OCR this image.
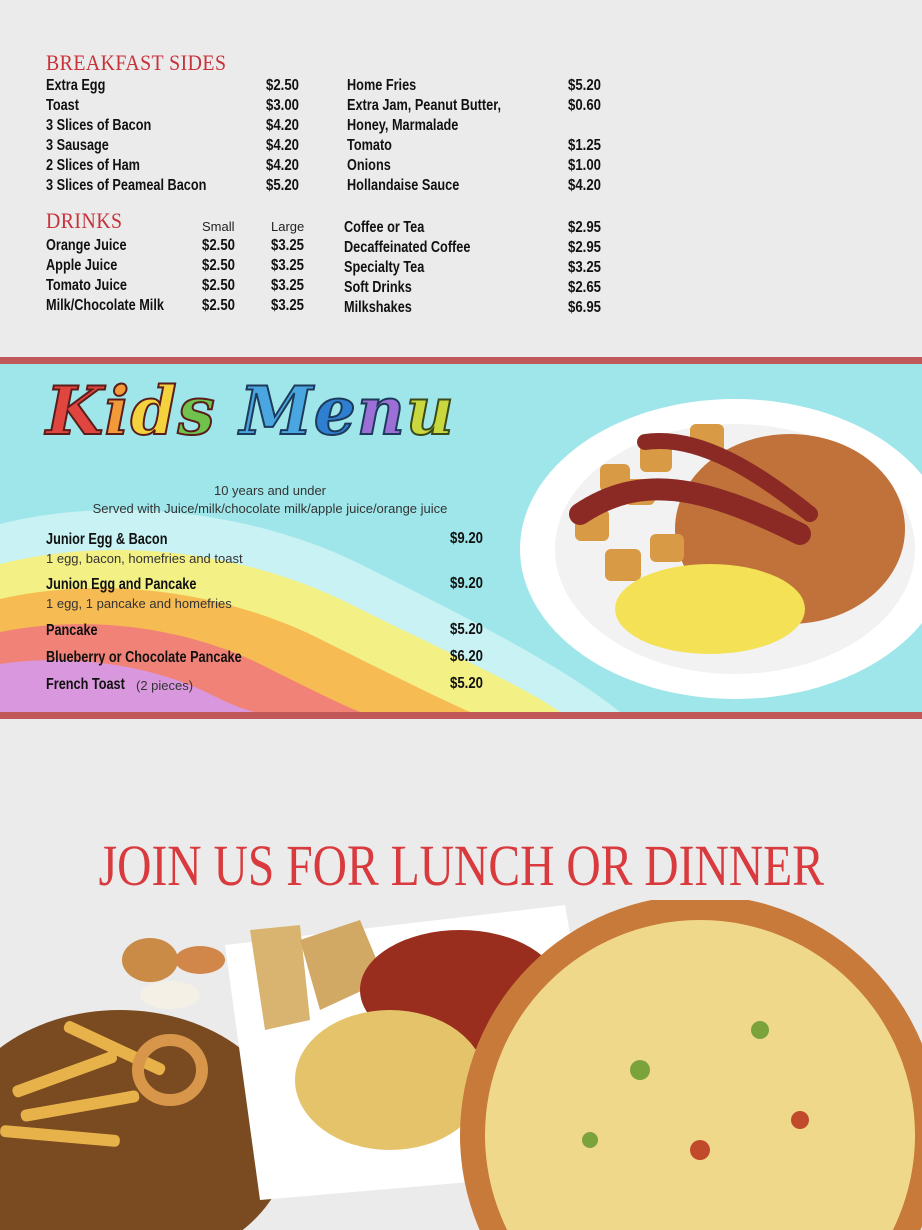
BREAKFAST SIDES
Extra Egg	$2.50
Toast	$3.00
3 Slices of Bacon	$4.20
3 Sausage	$4.20
2 Slices of Ham	$4.20
3 Slices of Peameal Bacon	$5.20
Home Fries	$5.20
Extra Jam, Peanut Butter,	$0.60
Honey, Marmalade
Tomato	$1.25
Onions	$1.00
Hollandaise Sauce	$4.20
DRINKS	Small	Large
Orange Juice	$2.50	$3.25
Apple Juice	$2.50	$3.25
Tomato Juice	$2.50	$3.25
Milk/Chocolate Milk	$2.50	$3.25
Coffee or Tea	$2.95
Decaffeinated Coffee	$2.95
Specialty Tea	$3.25
Soft Drinks	$2.65
Milkshakes	$6.95
Kids Menu
10 years and under
Served with Juice/milk/chocolate milk/apple juice/orange juice
Junior Egg & Bacon	$9.20
1 egg, bacon, homefries and toast
Junion Egg and Pancake	$9.20
1 egg, 1 pancake and homefries
Pancake	$5.20
Blueberry or Chocolate Pancake	$6.20
French Toast (2 pieces)	$5.20
JOIN US FOR LUNCH OR DINNER
